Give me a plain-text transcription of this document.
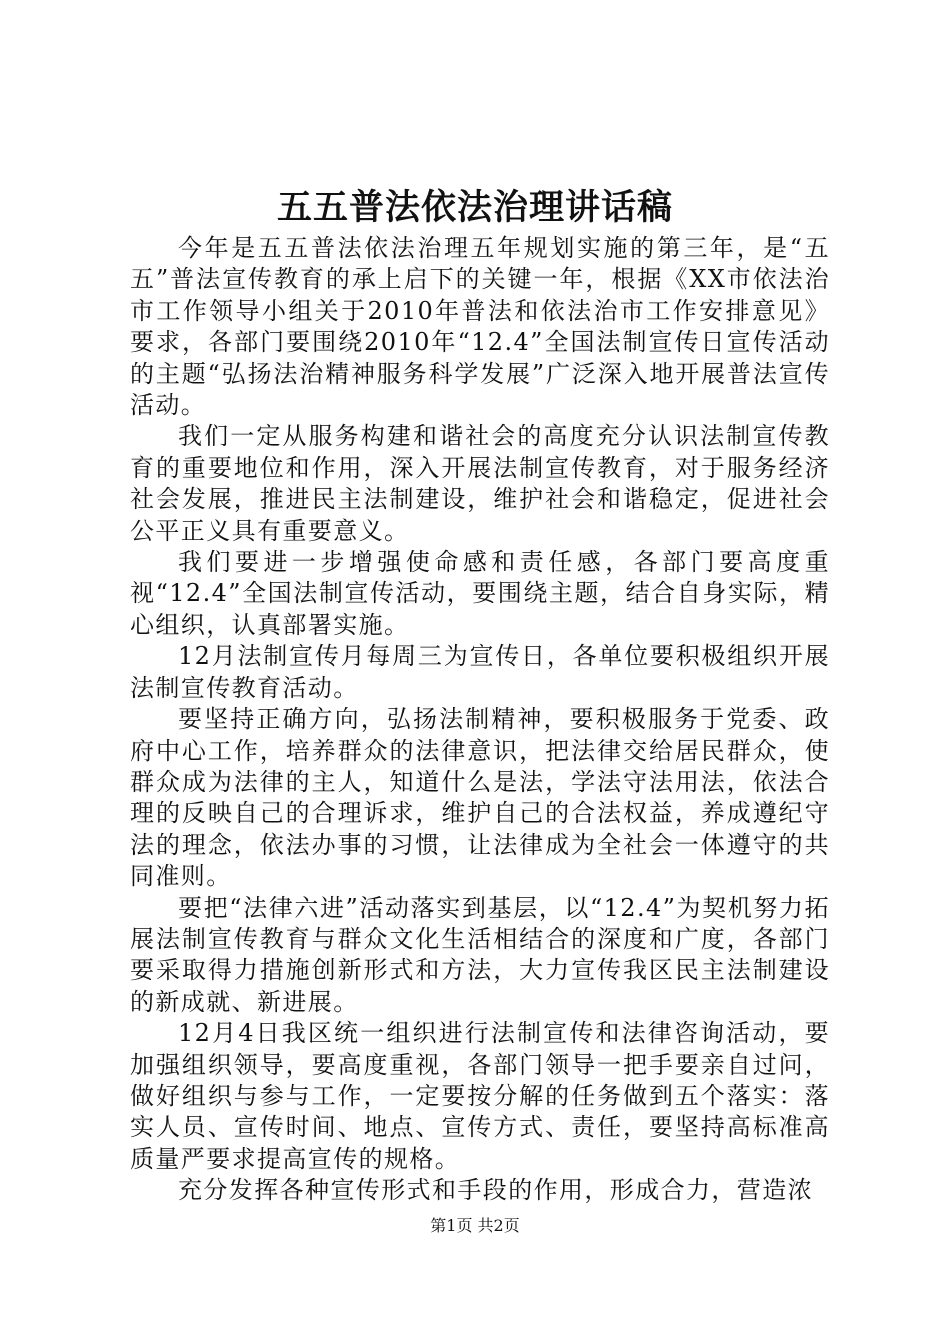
五五普法依法治理讲话稿

今年是五五普法依法治理五年规划实施的第三年，是“五五”普法宣传教育的承上启下的关键一年，根据《XX市依法治市工作领导小组关于2010年普法和依法治市工作安排意见》要求，各部门要围绕2010年“12.4”全国法制宣传日宣传活动的主题“弘扬法治精神服务科学发展”广泛深入地开展普法宣传活动。

我们一定从服务构建和谐社会的高度充分认识法制宣传教育的重要地位和作用，深入开展法制宣传教育，对于服务经济社会发展，推进民主法制建设，维护社会和谐稳定，促进社会公平正义具有重要意义。

我们要进一步增强使命感和责任感，各部门要高度重视“12.4”全国法制宣传活动，要围绕主题，结合自身实际，精心组织，认真部署实施。

12月法制宣传月每周三为宣传日，各单位要积极组织开展法制宣传教育活动。

要坚持正确方向，弘扬法制精神，要积极服务于党委、政府中心工作，培养群众的法律意识，把法律交给居民群众，使群众成为法律的主人，知道什么是法，学法守法用法，依法合理的反映自己的合理诉求，维护自己的合法权益，养成遵纪守法的理念，依法办事的习惯，让法律成为全社会一体遵守的共同准则。

要把“法律六进”活动落实到基层，以“12.4”为契机努力拓展法制宣传教育与群众文化生活相结合的深度和广度，各部门要采取得力措施创新形式和方法，大力宣传我区民主法制建设的新成就、新进展。

12月4日我区统一组织进行法制宣传和法律咨询活动，要加强组织领导，要高度重视，各部门领导一把手要亲自过问，做好组织与参与工作，一定要按分解的任务做到五个落实：落实人员、宣传时间、地点、宣传方式、责任，要坚持高标准高质量严要求提高宣传的规格。

充分发挥各种宣传形式和手段的作用，形成合力，营造浓

第1页 共2页
